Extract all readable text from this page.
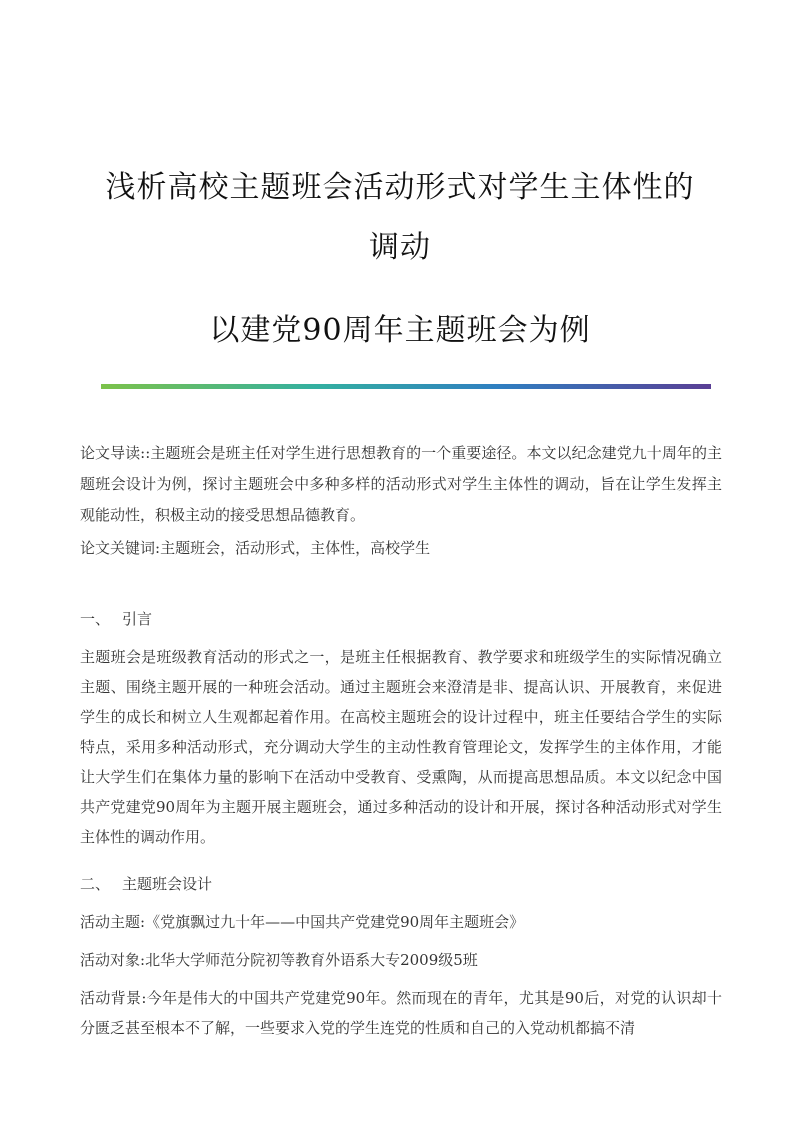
浅析高校主题班会活动形式对学生主体性的
调动
以建党90周年主题班会为例

论文导读::主题班会是班主任对学生进行思想教育的一个重要途径。本文以纪念建党九十周年的主题班会设计为例，探讨主题班会中多种多样的活动形式对学生主体性的调动，旨在让学生发挥主观能动性，积极主动的接受思想品德教育。

论文关键词:主题班会，活动形式，主体性，高校学生

一、 引言

主题班会是班级教育活动的形式之一，是班主任根据教育、教学要求和班级学生的实际情况确立主题、围绕主题开展的一种班会活动。通过主题班会来澄清是非、提高认识、开展教育，来促进学生的成长和树立人生观都起着作用。在高校主题班会的设计过程中，班主任要结合学生的实际特点，采用多种活动形式，充分调动大学生的主动性教育管理论文，发挥学生的主体作用，才能让大学生们在集体力量的影响下在活动中受教育、受熏陶，从而提高思想品质。本文以纪念中国共产党建党90周年为主题开展主题班会，通过多种活动的设计和开展，探讨各种活动形式对学生主体性的调动作用。

二、 主题班会设计

活动主题:《党旗飘过九十年——中国共产党建党90周年主题班会》

活动对象:北华大学师范分院初等教育外语系大专2009级5班

活动背景:今年是伟大的中国共产党建党90年。然而现在的青年，尤其是90后，对党的认识却十分匮乏甚至根本不了解，一些要求入党的学生连党的性质和自己的入党动机都搞不清
